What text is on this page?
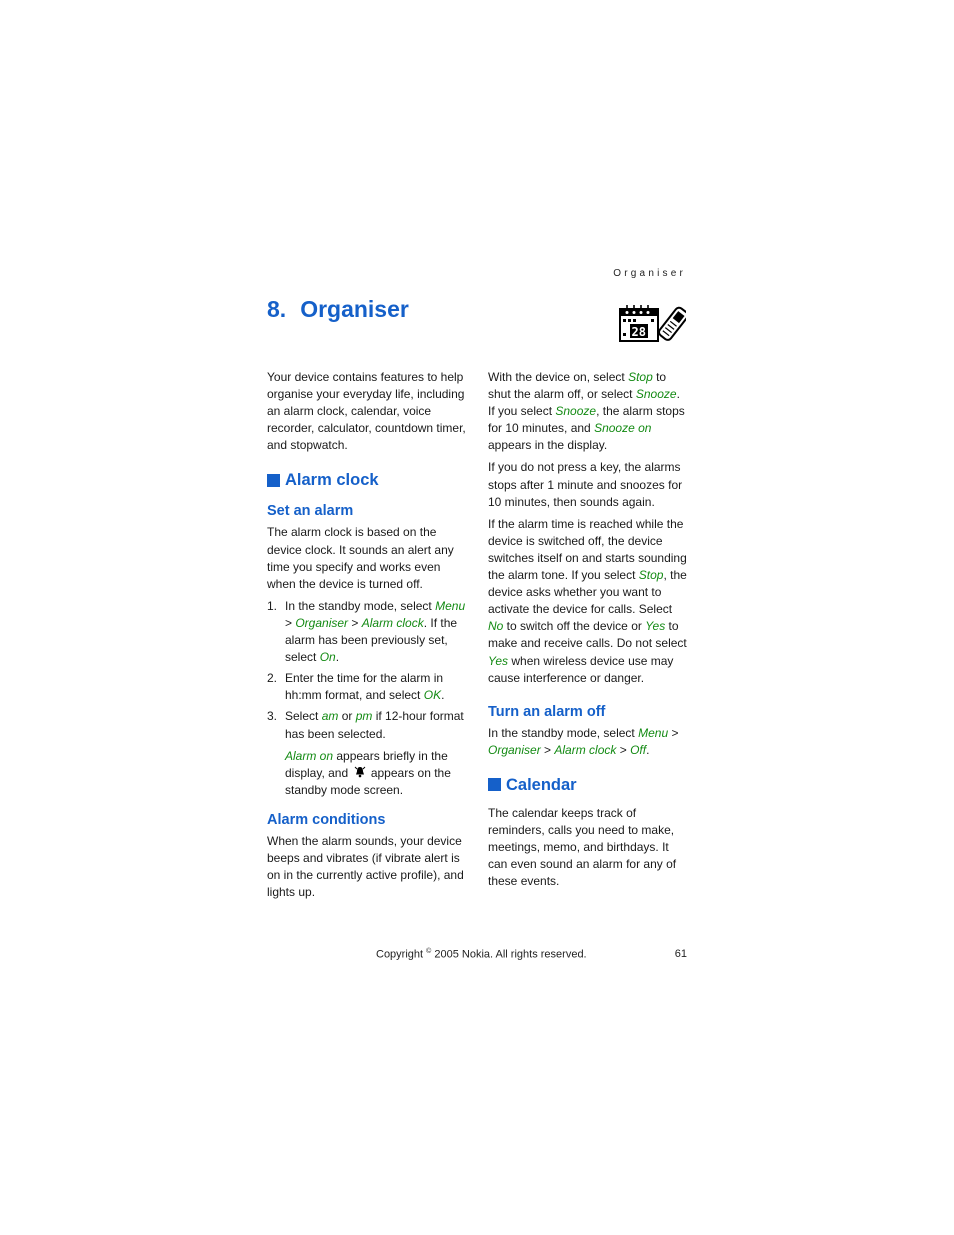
Organiser
8. Organiser
28

Your device contains features to help organise your everyday life, including an alarm clock, calendar, voice recorder, calculator, countdown timer, and stopwatch.

Alarm clock
Set an alarm

The alarm clock is based on the device clock. It sounds an alert any time you specify and works even when the device is turned off.

1. In the standby mode, select Menu > Organiser > Alarm clock. If the alarm has been previously set, select On.
2. Enter the time for the alarm in hh:mm format, and select OK.
3. Select am or pm if 12-hour format has been selected.

Alarm on appears briefly in the display, and  appears on the standby mode screen.

Alarm conditions

When the alarm sounds, your device beeps and vibrates (if vibrate alert is on in the currently active profile), and lights up.

With the device on, select Stop to shut the alarm off, or select Snooze. If you select Snooze, the alarm stops for 10 minutes, and Snooze on appears in the display.

If you do not press a key, the alarms stops after 1 minute and snoozes for 10 minutes, then sounds again.

If the alarm time is reached while the device is switched off, the device switches itself on and starts sounding the alarm tone. If you select Stop, the device asks whether you want to activate the device for calls. Select No to switch off the device or Yes to make and receive calls. Do not select Yes when wireless device use may cause interference or danger.

Turn an alarm off

In the standby mode, select Menu > Organiser > Alarm clock > Off.

Calendar

The calendar keeps track of reminders, calls you need to make, meetings, memo, and birthdays. It can even sound an alarm for any of these events.

Copyright © 2005 Nokia. All rights reserved.	61
